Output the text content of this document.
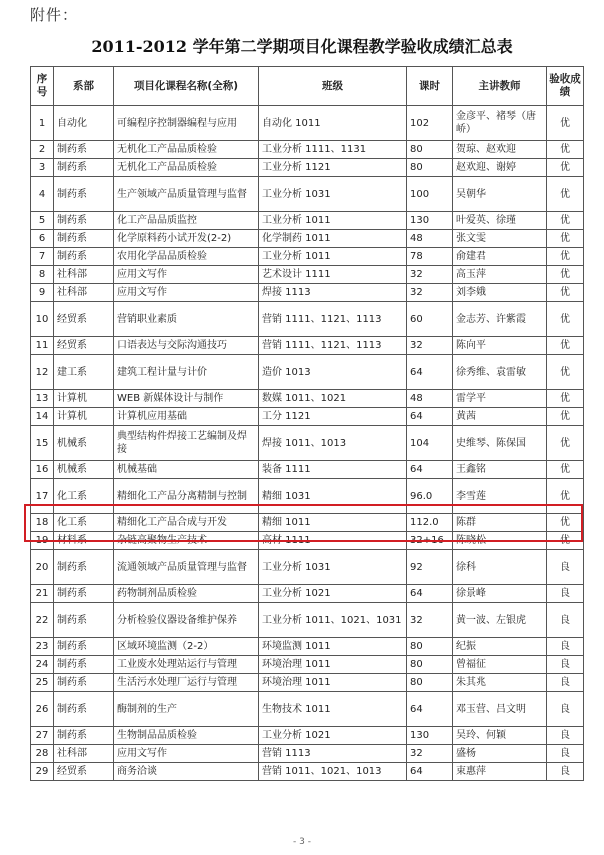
附件：
2011-2012 学年第二学期项目化课程教学验收成绩汇总表
序号	系部	项目化课程名称(全称)	班级	课时	主讲教师	验收成绩
1	自动化	可编程序控制器编程与应用	自动化 1011	102	金彦平、褚琴（唐峤）	优
2	制药系	无机化工产品品质检验	工业分析 1111、1131	80	贺琼、赵欢迎	优
3	制药系	无机化工产品品质检验	工业分析 1121	80	赵欢迎、谢婷	优
4	制药系	生产领域产品质量管理与监督	工业分析 1031	100	吴朝华	优
5	制药系	化工产品品质监控	工业分析 1011	130	叶爱英、徐瑾	优
6	制药系	化学原料药小试开发(2-2)	化学制药 1011	48	张文雯	优
7	制药系	农用化学品品质检验	工业分析 1011	78	俞建君	优
8	社科部	应用文写作	艺术设计 1111	32	高玉萍	优
9	社科部	应用文写作	焊接 1113	32	刘李娥	优
10	经贸系	营销职业素质	营销 1111、1121、1113	60	金志芳、许紫霞	优
11	经贸系	口语表达与交际沟通技巧	营销 1111、1121、1113	32	陈向平	优
12	建工系	建筑工程计量与计价	造价 1013	64	徐秀维、袁雷敏	优
13	计算机	WEB 新媒体设计与制作	数媒 1011、1021	48	雷学平	优
14	计算机	计算机应用基础	工分 1121	64	黄茜	优
15	机械系	典型结构件焊接工艺编制及焊接	焊接 1011、1013	104	史维琴、陈保国	优
16	机械系	机械基础	装备 1111	64	王鑫铭	优
17	化工系	精细化工产品分离精制与控制	精细 1031	96.0	李雪莲	优
18	化工系	精细化工产品合成与开发	精细 1011	112.0	陈群	优
19	材料系	杂链高聚物生产技术	高材 1111	32+16	陈晓松	优
20	制药系	流通领域产品质量管理与监督	工业分析 1031	92	徐科	良
21	制药系	药物制剂品质检验	工业分析 1021	64	徐景峰	良
22	制药系	分析检验仪器设备维护保养	工业分析 1011、1021、1031	32	黄一波、左银虎	良
23	制药系	区域环境监测（2-2）	环境监测 1011	80	纪振	良
24	制药系	工业废水处理站运行与管理	环境治理 1011	80	曾福征	良
25	制药系	生活污水处理厂运行与管理	环境治理 1011	80	朱其兆	良
26	制药系	酶制剂的生产	生物技术 1011	64	邓玉营、吕文明	良
27	制药系	生物制品品质检验	工业分析 1021	130	吴玲、何颖	良
28	社科部	应用文写作	营销 1113	32	盛杨	良
29	经贸系	商务洽谈	营销 1011、1021、1013	64	束惠萍	良
- 3 -
